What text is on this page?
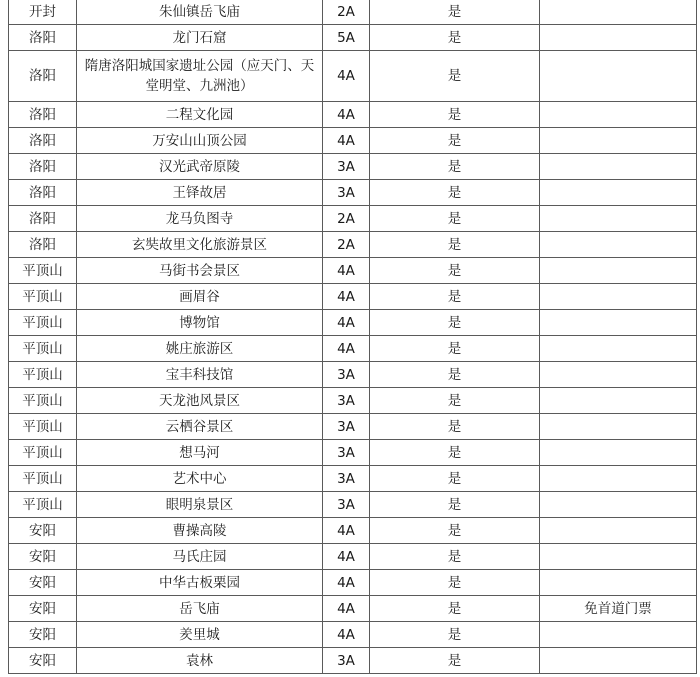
开封	朱仙镇岳飞庙	2A	是	
洛阳	龙门石窟	5A	是	
洛阳	隋唐洛阳城国家遗址公园（应天门、天堂明堂、九洲池）	4A	是	
洛阳	二程文化园	4A	是	
洛阳	万安山山顶公园	4A	是	
洛阳	汉光武帝原陵	3A	是	
洛阳	王铎故居	3A	是	
洛阳	龙马负图寺	2A	是	
洛阳	玄奘故里文化旅游景区	2A	是	
平顶山	马街书会景区	4A	是	
平顶山	画眉谷	4A	是	
平顶山	博物馆	4A	是	
平顶山	姚庄旅游区	4A	是	
平顶山	宝丰科技馆	3A	是	
平顶山	天龙池风景区	3A	是	
平顶山	云栖谷景区	3A	是	
平顶山	想马河	3A	是	
平顶山	艺术中心	3A	是	
平顶山	眼明泉景区	3A	是	
安阳	曹操高陵	4A	是	
安阳	马氏庄园	4A	是	
安阳	中华古板栗园	4A	是	
安阳	岳飞庙	4A	是	免首道门票
安阳	羑里城	4A	是	
安阳	袁林	3A	是	
